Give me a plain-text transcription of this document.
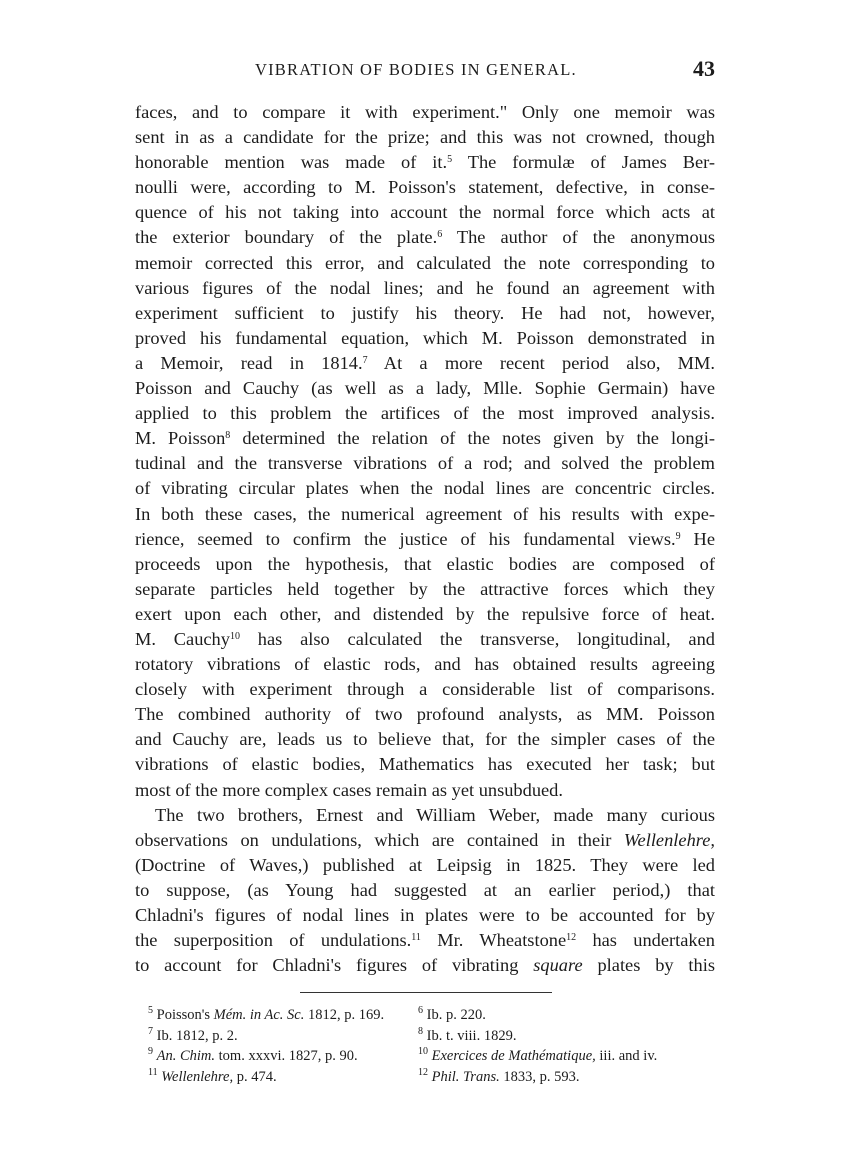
VIBRATION OF BODIES IN GENERAL.	43

faces, and to compare it with experiment." Only one memoir was

sent in as a candidate for the prize; and this was not crowned, though

honorable mention was made of it.$^5$ The formulæ of James Ber-

noulli were, according to M. Poisson's statement, defective, in conse-

quence of his not taking into account the normal force which acts at

the exterior boundary of the plate.$^6$ The author of the anonymous

memoir corrected this error, and calculated the note corresponding to

various figures of the nodal lines; and he found an agreement with

experiment sufficient to justify his theory. He had not, however,

proved his fundamental equation, which M. Poisson demonstrated in

a Memoir, read in 1814.$^7$ At a more recent period also, MM.

Poisson and Cauchy (as well as a lady, Mlle. Sophie Germain) have

applied to this problem the artifices of the most improved analysis.

M. Poisson$^8$ determined the relation of the notes given by the longi-

tudinal and the transverse vibrations of a rod; and solved the problem

of vibrating circular plates when the nodal lines are concentric circles.

In both these cases, the numerical agreement of his results with expe-

rience, seemed to confirm the justice of his fundamental views.$^9$ He

proceeds upon the hypothesis, that elastic bodies are composed of

separate particles held together by the attractive forces which they

exert upon each other, and distended by the repulsive force of heat.

M. Cauchy$^{10}$ has also calculated the transverse, longitudinal, and

rotatory vibrations of elastic rods, and has obtained results agreeing

closely with experiment through a considerable list of comparisons.

The combined authority of two profound analysts, as MM. Poisson

and Cauchy are, leads us to believe that, for the simpler cases of the

vibrations of elastic bodies, Mathematics has executed her task; but

most of the more complex cases remain as yet unsubdued.

The two brothers, Ernest and William Weber, made many curious

observations on undulations, which are contained in their Wellenlehre,

(Doctrine of Waves,) published at Leipsig in 1825. They were led

to suppose, (as Young had suggested at an earlier period,) that

Chladni's figures of nodal lines in plates were to be accounted for by

the superposition of undulations.$^{11}$ Mr. Wheatstone$^{12}$ has undertaken

to account for Chladni's figures of vibrating square plates by this

$^5$ Poisson's Mém. in Ac. Sc. 1812, p. 169.	$^6$ Ib. p. 220.
$^7$ Ib. 1812, p. 2.	$^8$ Ib. t. viii. 1829.
$^9$ An. Chim. tom. xxxvi. 1827, p. 90.	$^{10}$ Exercices de Mathématique, iii. and iv.
$^{11}$ Wellenlehre, p. 474.	$^{12}$ Phil. Trans. 1833, p. 593.
